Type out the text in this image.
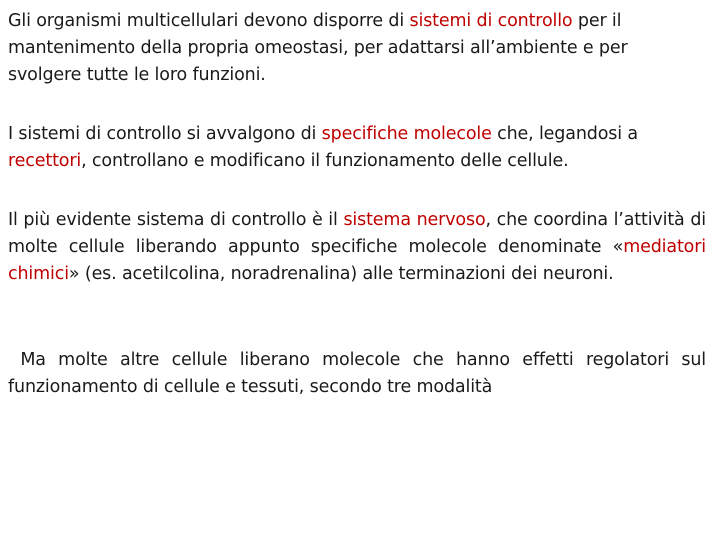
Gli organismi multicellulari devono disporre di sistemi di controllo per il mantenimento della propria omeostasi, per adattarsi all’ambiente e per svolgere tutte le loro funzioni.

I sistemi di controllo si avvalgono di specifiche molecole che, legandosi a recettori, controllano e modificano il funzionamento delle cellule.

Il più evidente sistema di controllo è il sistema nervoso, che coordina l’attività di molte cellule liberando appunto specifiche molecole denominate «mediatori chimici» (es. acetilcolina, noradrenalina) alle terminazioni dei neuroni.

Ma molte altre cellule liberano molecole che hanno effetti regolatori sul funzionamento di cellule e tessuti, secondo tre modalità
